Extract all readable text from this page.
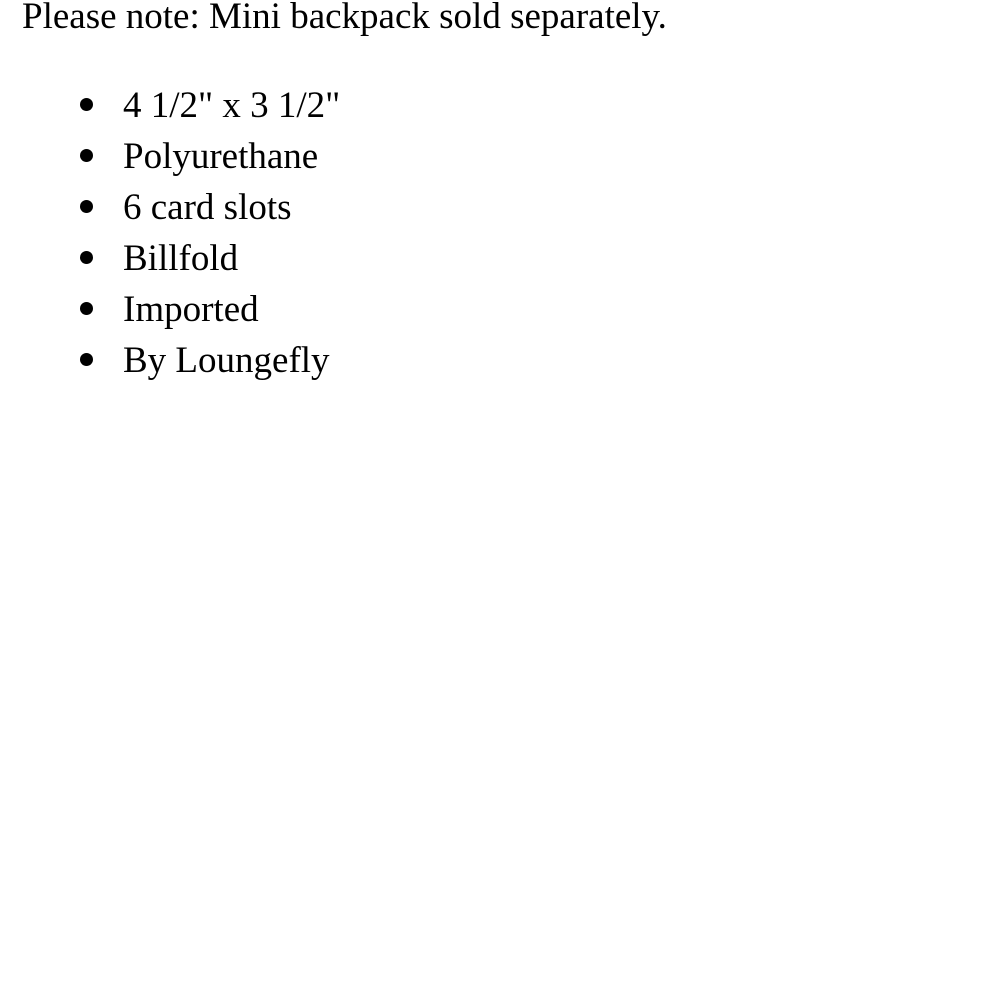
Please note: Mini backpack sold separately.

4 1/2" x 3 1/2"
Polyurethane
6 card slots
Billfold
Imported
By Loungefly
